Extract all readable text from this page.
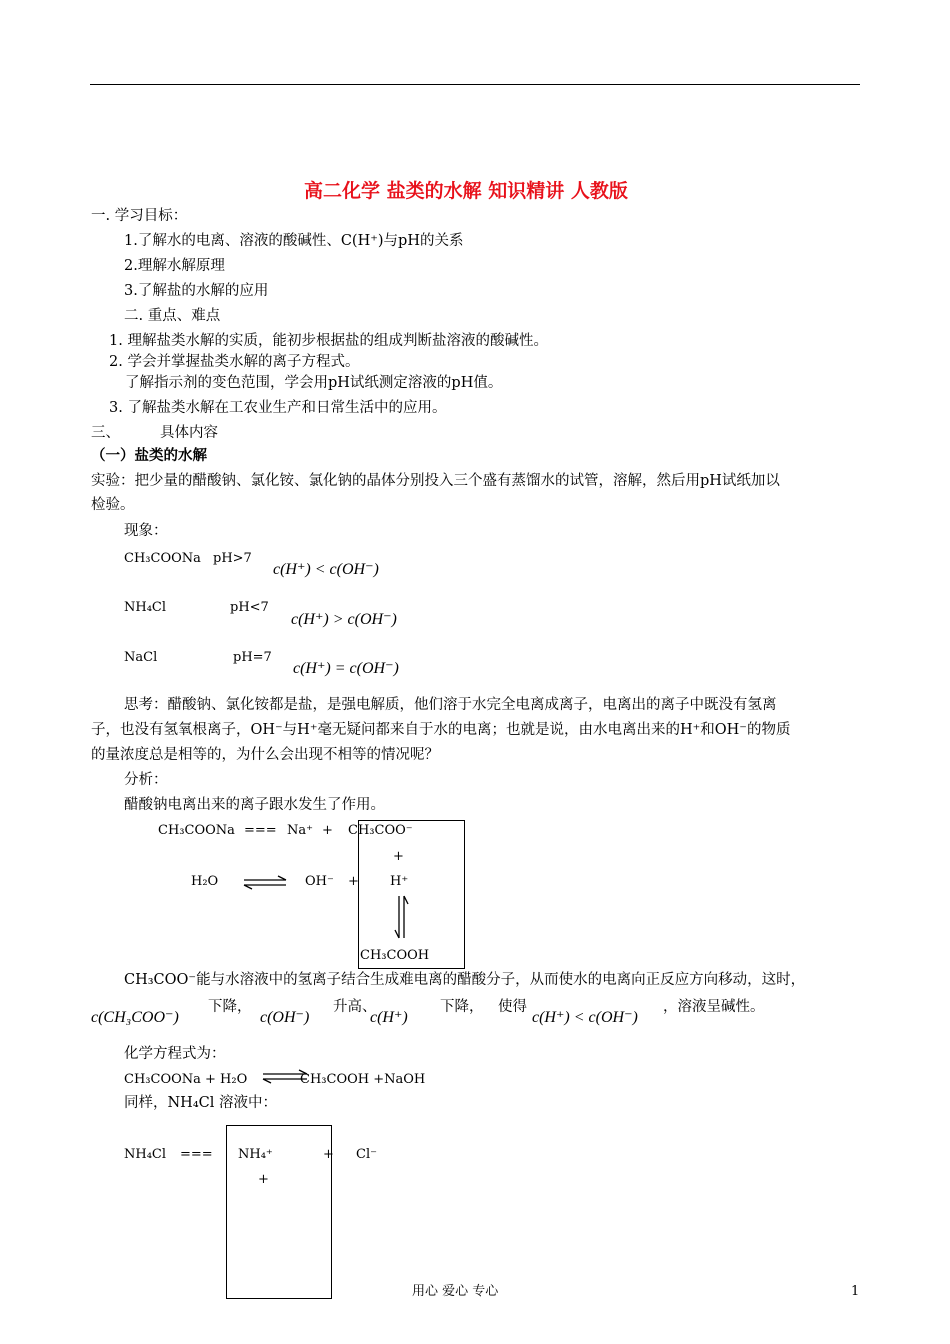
高二化学 盐类的水解 知识精讲 人教版
一. 学习目标：
1.了解水的电离、溶液的酸碱性、C(H⁺)与pH的关系
2.理解水解原理
3.了解盐的水解的应用
二. 重点、难点
1. 理解盐类水解的实质，能初步根据盐的组成判断盐溶液的酸碱性。
2. 学会并掌握盐类水解的离子方程式。
了解指示剂的变色范围，学会用pH试纸测定溶液的pH值。
3. 了解盐类水解在工农业生产和日常生活中的应用。
三、	具体内容
（一）盐类的水解
实验：把少量的醋酸钠、氯化铵、氯化钠的晶体分别投入三个盛有蒸馏水的试管，溶解，然后用pH试纸加以
检验。
现象：
CH₃COONa pH>7
c(H⁺) < c(OH⁻)
NH₄Cl	pH<7
c(H⁺) > c(OH⁻)
NaCl	pH=7
c(H⁺) = c(OH⁻)
思考：醋酸钠、氯化铵都是盐，是强电解质，他们溶于水完全电离成离子，电离出的离子中既没有氢离
子，也没有氢氧根离子，OH⁻与H⁺毫无疑问都来自于水的电离；也就是说，由水电离出来的H⁺和OH⁻的物质
的量浓度总是相等的，为什么会出现不相等的情况呢？
分析：
醋酸钠电离出来的离子跟水发生了作用。
CH₃COONa === Na⁺ + CH₃COO⁻
+
H₂O ⇌ OH⁻ + H⁺
CH₃COOH
CH₃COO⁻能与水溶液中的氢离子结合生成难电离的醋酸分子，从而使水的电离向正反应方向移动，这时，
c(CH₃COO⁻)
下降，
c(OH⁻)
升高、
c(H⁺)
下降， 使得
c(H⁺) < c(OH⁻)
，溶液呈碱性。
化学方程式为：
CH₃COONa + H₂O ⇌
CH₃COOH +NaOH
同样，NH₄Cl 溶液中：
NH₄Cl === NH₄⁺	+ Cl⁻
+
用心 爱心 专心	1
